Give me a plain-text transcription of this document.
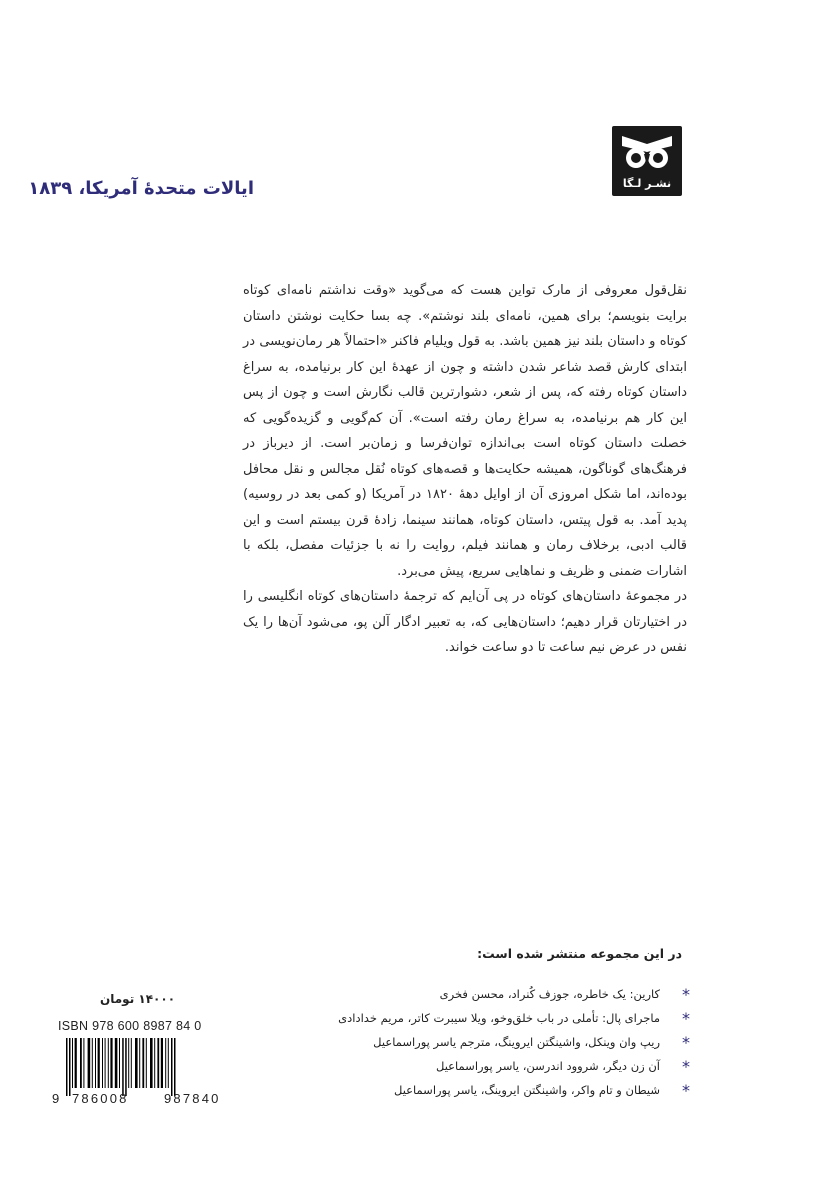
نشـر لـگا
ایالات متحدۀ آمریکا، ۱۸۳۹

نقل‌قول معروفی از مارک تواین هست که می‌گوید «وقت نداشتم نامه‌ای کوتاه برایت بنویسم؛ برای همین، نامه‌ای بلند نوشتم». چه بسا حکایت نوشتن داستان کوتاه و داستان بلند نیز همین باشد. به قول ویلیام فاکنر «احتمالاً هر رمان‌نویسی در ابتدای کارش قصد شاعر شدن داشته و چون از عهدۀ این کار برنیامده، به سراغ داستان کوتاه رفته که، پس از شعر، دشوارترین قالب نگارش است و چون از پس این کار هم برنیامده، به سراغ رمان رفته است». آن کم‌گویی و گزیده‌گویی که خصلت داستان کوتاه است بی‌اندازه توان‌فرسا و زمان‌بر است. از دیرباز در فرهنگ‌های گوناگون، همیشه حکایت‌ها و قصه‌های کوتاه نُقل مجالس و نقل محافل بوده‌اند، اما شکل امروزی آن از اوایل دهۀ ۱۸۲۰ در آمریکا (و کمی بعد در روسیه) پدید آمد. به قول پیتس، داستان کوتاه، همانند سینما، زادۀ قرن بیستم است و این قالب ادبی، برخلاف رمان و همانند فیلم، روایت را نه با جزئیات مفصل، بلکه با اشارات ضمنی و ظریف و نماهایی سریع، پیش می‌برد.

در مجموعۀ داستان‌های کوتاه در پی آن‌ایم که ترجمۀ داستان‌های کوتاه انگلیسی را در اختیارتان قرار دهیم؛ داستان‌هایی که، به تعبیر ادگار آلن پو، می‌شود آن‌ها را یک نفس در عرض نیم ساعت تا دو ساعت خواند.

در این مجموعه منتشر شده است:
*
کارین: یک خاطره، جوزف کُنراد، محسن فخری
*
ماجرای پال: تأملی در باب خلق‌وخو، ویلا سیبرت کاتر، مریم خدادادی
*
ریپ وان وینکل، واشینگتن ایروینگ، مترجم یاسر پوراسماعیل
*
آن زن دیگر، شروود اندرسن، یاسر پوراسماعیل
*
شیطان و تام واکر، واشینگتن ایروینگ، یاسر پوراسماعیل
۱۴۰۰۰ تومان
ISBN 978 600 8987 84 0
9 786008	987840
